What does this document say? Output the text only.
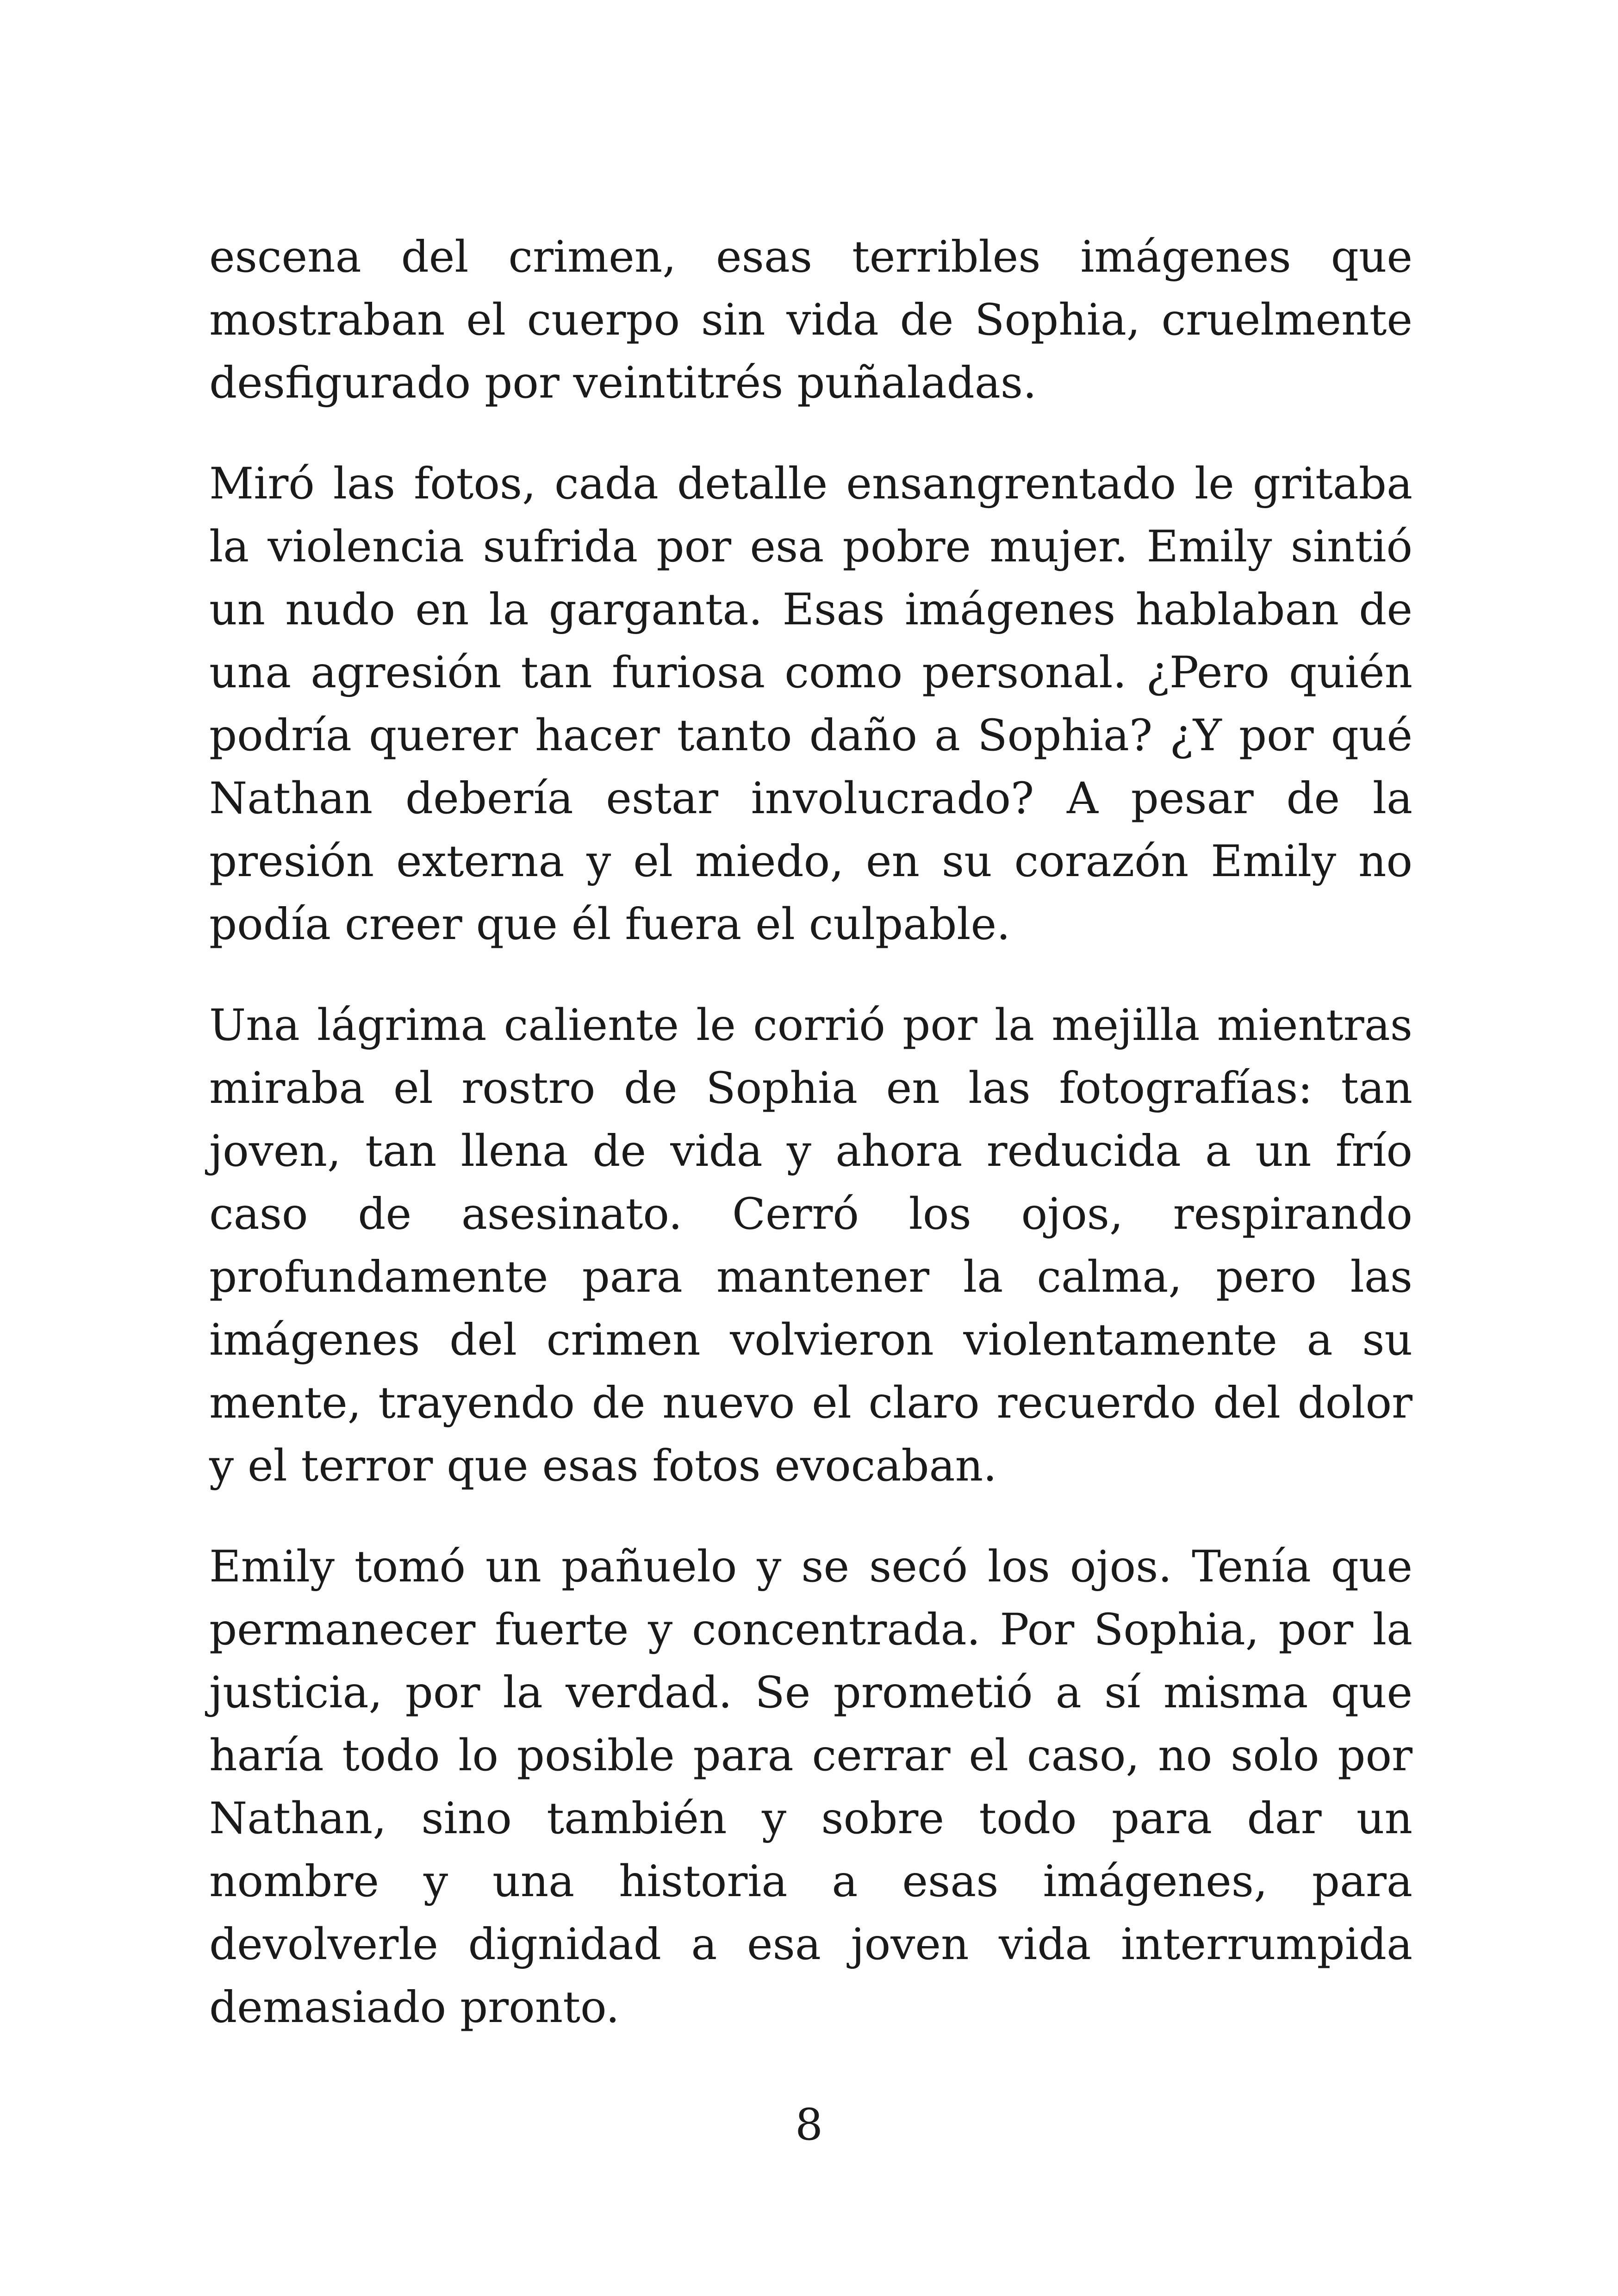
escena del crimen, esas terribles imágenes que mostraban el cuerpo sin vida de Sophia, cruelmente desfigurado por veintitrés puñaladas.

Miró las fotos, cada detalle ensangrentado le gritaba la violencia sufrida por esa pobre mujer. Emily sintió un nudo en la garganta. Esas imágenes hablaban de una agresión tan furiosa como personal. ¿Pero quién podría querer hacer tanto daño a Sophia? ¿Y por qué Nathan debería estar involucrado? A pesar de la presión externa y el miedo, en su corazón Emily no podía creer que él fuera el culpable.

Una lágrima caliente le corrió por la mejilla mientras miraba el rostro de Sophia en las fotografías: tan joven, tan llena de vida y ahora reducida a un frío caso de asesinato. Cerró los ojos, respirando profundamente para mantener la calma, pero las imágenes del crimen volvieron violentamente a su mente, trayendo de nuevo el claro recuerdo del dolor y el terror que esas fotos evocaban.

Emily tomó un pañuelo y se secó los ojos. Tenía que permanecer fuerte y concentrada. Por Sophia, por la justicia, por la verdad. Se prometió a sí misma que haría todo lo posible para cerrar el caso, no solo por Nathan, sino también y sobre todo para dar un nombre y una historia a esas imágenes, para devolverle dignidad a esa joven vida interrumpida demasiado pronto.

8
